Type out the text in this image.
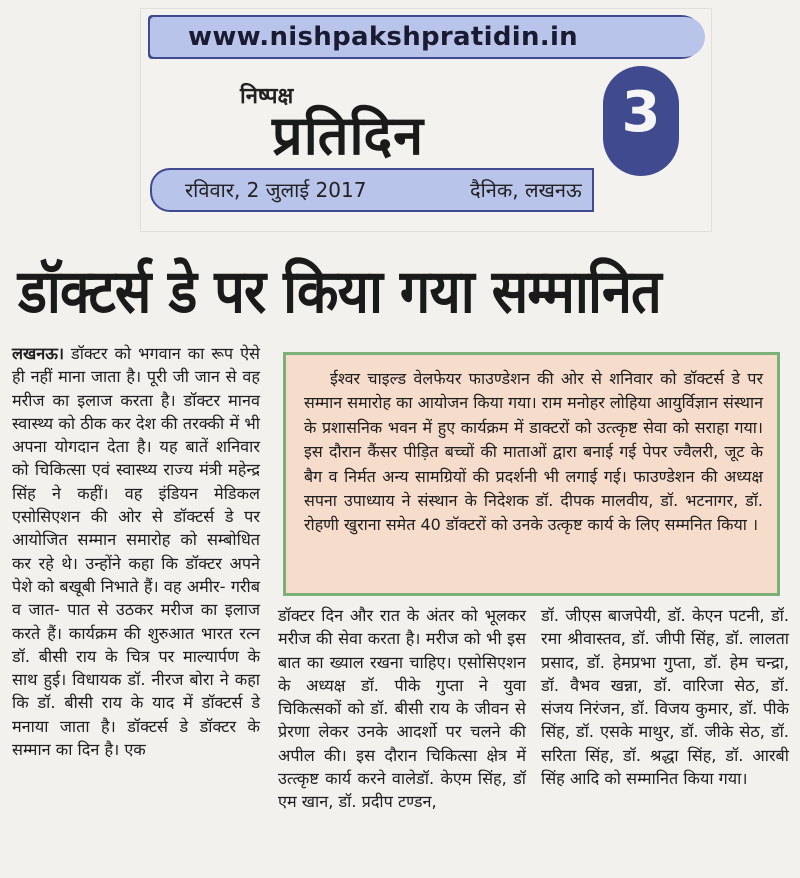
www.nishpakshpratidin.in
निष्पक्ष
प्रतिदिन	3
रविवार, 2 जुलाई 2017	दैनिक, लखनऊ
डॉक्टर्स डे पर किया गया सम्मानित
लखनऊ। डॉक्टर को भगवान का रूप ऐसे ही नहीं माना जाता है। पूरी जी जान से वह मरीज का इलाज करता है। डॉक्टर मानव स्वास्थ्य को ठीक कर देश की तरक्की में भी अपना योगदान देता है। यह बातें शनिवार को चिकित्सा एवं स्वास्थ्य राज्य मंत्री महेन्द्र सिंह ने कहीं। वह इंडियन मेडिकल एसोसिएशन की ओर से डॉक्टर्स डे पर आयोजित सम्मान समारोह को सम्बोधित कर रहे थे। उन्होंने कहा कि डॉक्टर अपने पेशे को बखूबी निभाते हैं। वह अमीर- गरीब व जात- पात से उठकर मरीज का इलाज करते हैं। कार्यक्रम की शुरुआत भारत रत्न डॉ. बीसी राय के चित्र पर माल्यार्पण के साथ हुई। विधायक डॉ. नीरज बोरा ने कहा कि डॉ. बीसी राय के याद में डॉक्टर्स डे मनाया जाता है। डॉक्टर्स डे डॉक्टर के सम्मान का दिन है। एक

ईश्वर चाइल्ड वेलफेयर फाउण्डेशन की ओर से शनिवार को डॉक्टर्स डे पर सम्मान समारोह का आयोजन किया गया। राम मनोहर लोहिया आयुर्विज्ञान संस्थान के प्रशासनिक भवन में हुए कार्यक्रम में डाक्टरों को उत्‍त्कृष्ट सेवा को सराहा गया। इस दौरान कैंसर पीड़ित बच्चों की माताओं द्वारा बनाई गई पेपर ज्वैलरी, जूट के बैग व निर्मत अन्य सामग्रियों की प्रदर्शनी भी लगाई गई। फाउण्डेशन की अध्यक्ष सपना उपाध्याय ने संस्थान के निदेशक डॉ. दीपक मालवीय, डॉ. भटनागर, डॉ. रोहणी खुराना समेत 40 डॉक्टरों को उनके उत्कृष्ट कार्य के लिए सम्मनित किया ।

डॉक्टर दिन और रात के अंतर को भूलकर मरीज की सेवा करता है। मरीज को भी इस बात का ख्याल रखना चाहिए। एसोसिएशन के अध्यक्ष डॉ. पीके गुप्ता ने युवा चिकित्सकों को डॉ. बीसी राय के जीवन से प्रेरणा लेकर उनके आदर्शो पर चलने की अपील की। इस दौरान चिकित्सा क्षेत्र में उत्‍त्कृष्ट कार्य करने वालेडॉ. केएम सिंह, डॉ एम खान, डॉ. प्रदीप टण्डन,
डॉ. जीएस बाजपेयी, डॉ. केएन पटनी, डॉ. रमा श्रीवास्तव, डॉ. जीपी सिंह, डॉ. लालता प्रसाद, डॉ. हेमप्रभा गुप्ता, डॉ. हेम चन्द्रा, डॉ. वैभव खन्ना, डॉ. वारिजा सेठ, डॉ. संजय निरंजन, डॉ. विजय कुमार, डॉ. पीके सिंह, डॉ. एसके माथुर, डॉ. जीके सेठ, डॉ. सरिता सिंह, डॉ. श्रद्धा सिंह, डॉ. आरबी सिंह आदि को सम्मानित किया गया।
